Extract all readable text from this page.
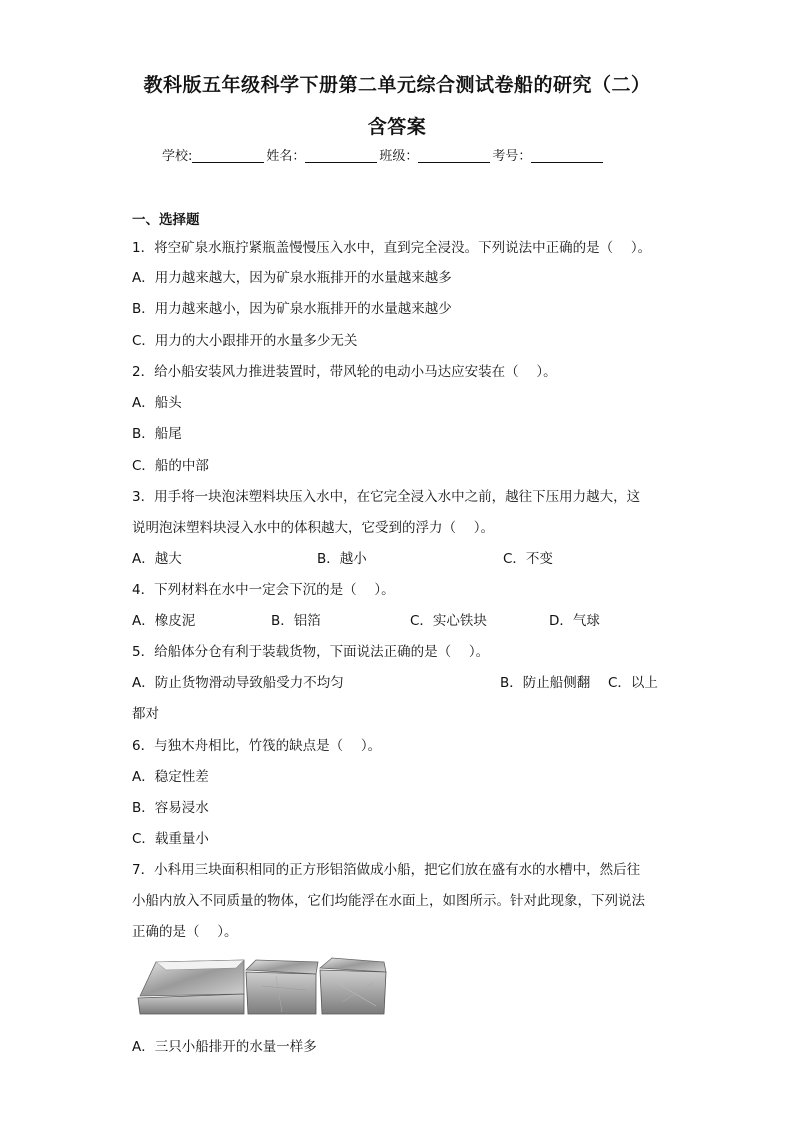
教科版五年级科学下册第二单元综合测试卷船的研究（二）
含答案
学校:	姓名：	班级：	考号：
一、选择题
1．将空矿泉水瓶拧紧瓶盖慢慢压入水中，直到完全浸没。下列说法中正确的是（　 ）。
A．用力越来越大，因为矿泉水瓶排开的水量越来越多
B．用力越来越小，因为矿泉水瓶排开的水量越来越少
C．用力的大小跟排开的水量多少无关
2．给小船安装风力推进装置时，带风轮的电动小马达应安装在（　 ）。
A．船头
B．船尾
C．船的中部
3．用手将一块泡沫塑料块压入水中，在它完全浸入水中之前，越往下压用力越大，这
说明泡沫塑料块浸入水中的体积越大，它受到的浮力（　 ）。
A．越大	B．越小	C．不变
4．下列材料在水中一定会下沉的是（　 ）。
A．橡皮泥	B．铝箔	C．实心铁块	D．气球
5．给船体分仓有利于装载货物，下面说法正确的是（　 ）。
A．防止货物滑动导致船受力不均匀	B．防止船侧翻 C．以上
都对
6．与独木舟相比，竹筏的缺点是（　 ）。
A．稳定性差
B．容易浸水
C．载重量小
7．小科用三块面积相同的正方形铝箔做成小船，把它们放在盛有水的水槽中，然后往
小船内放入不同质量的物体，它们均能浮在水面上，如图所示。针对此现象，下列说法
正确的是（　 ）。
A．三只小船排开的水量一样多
